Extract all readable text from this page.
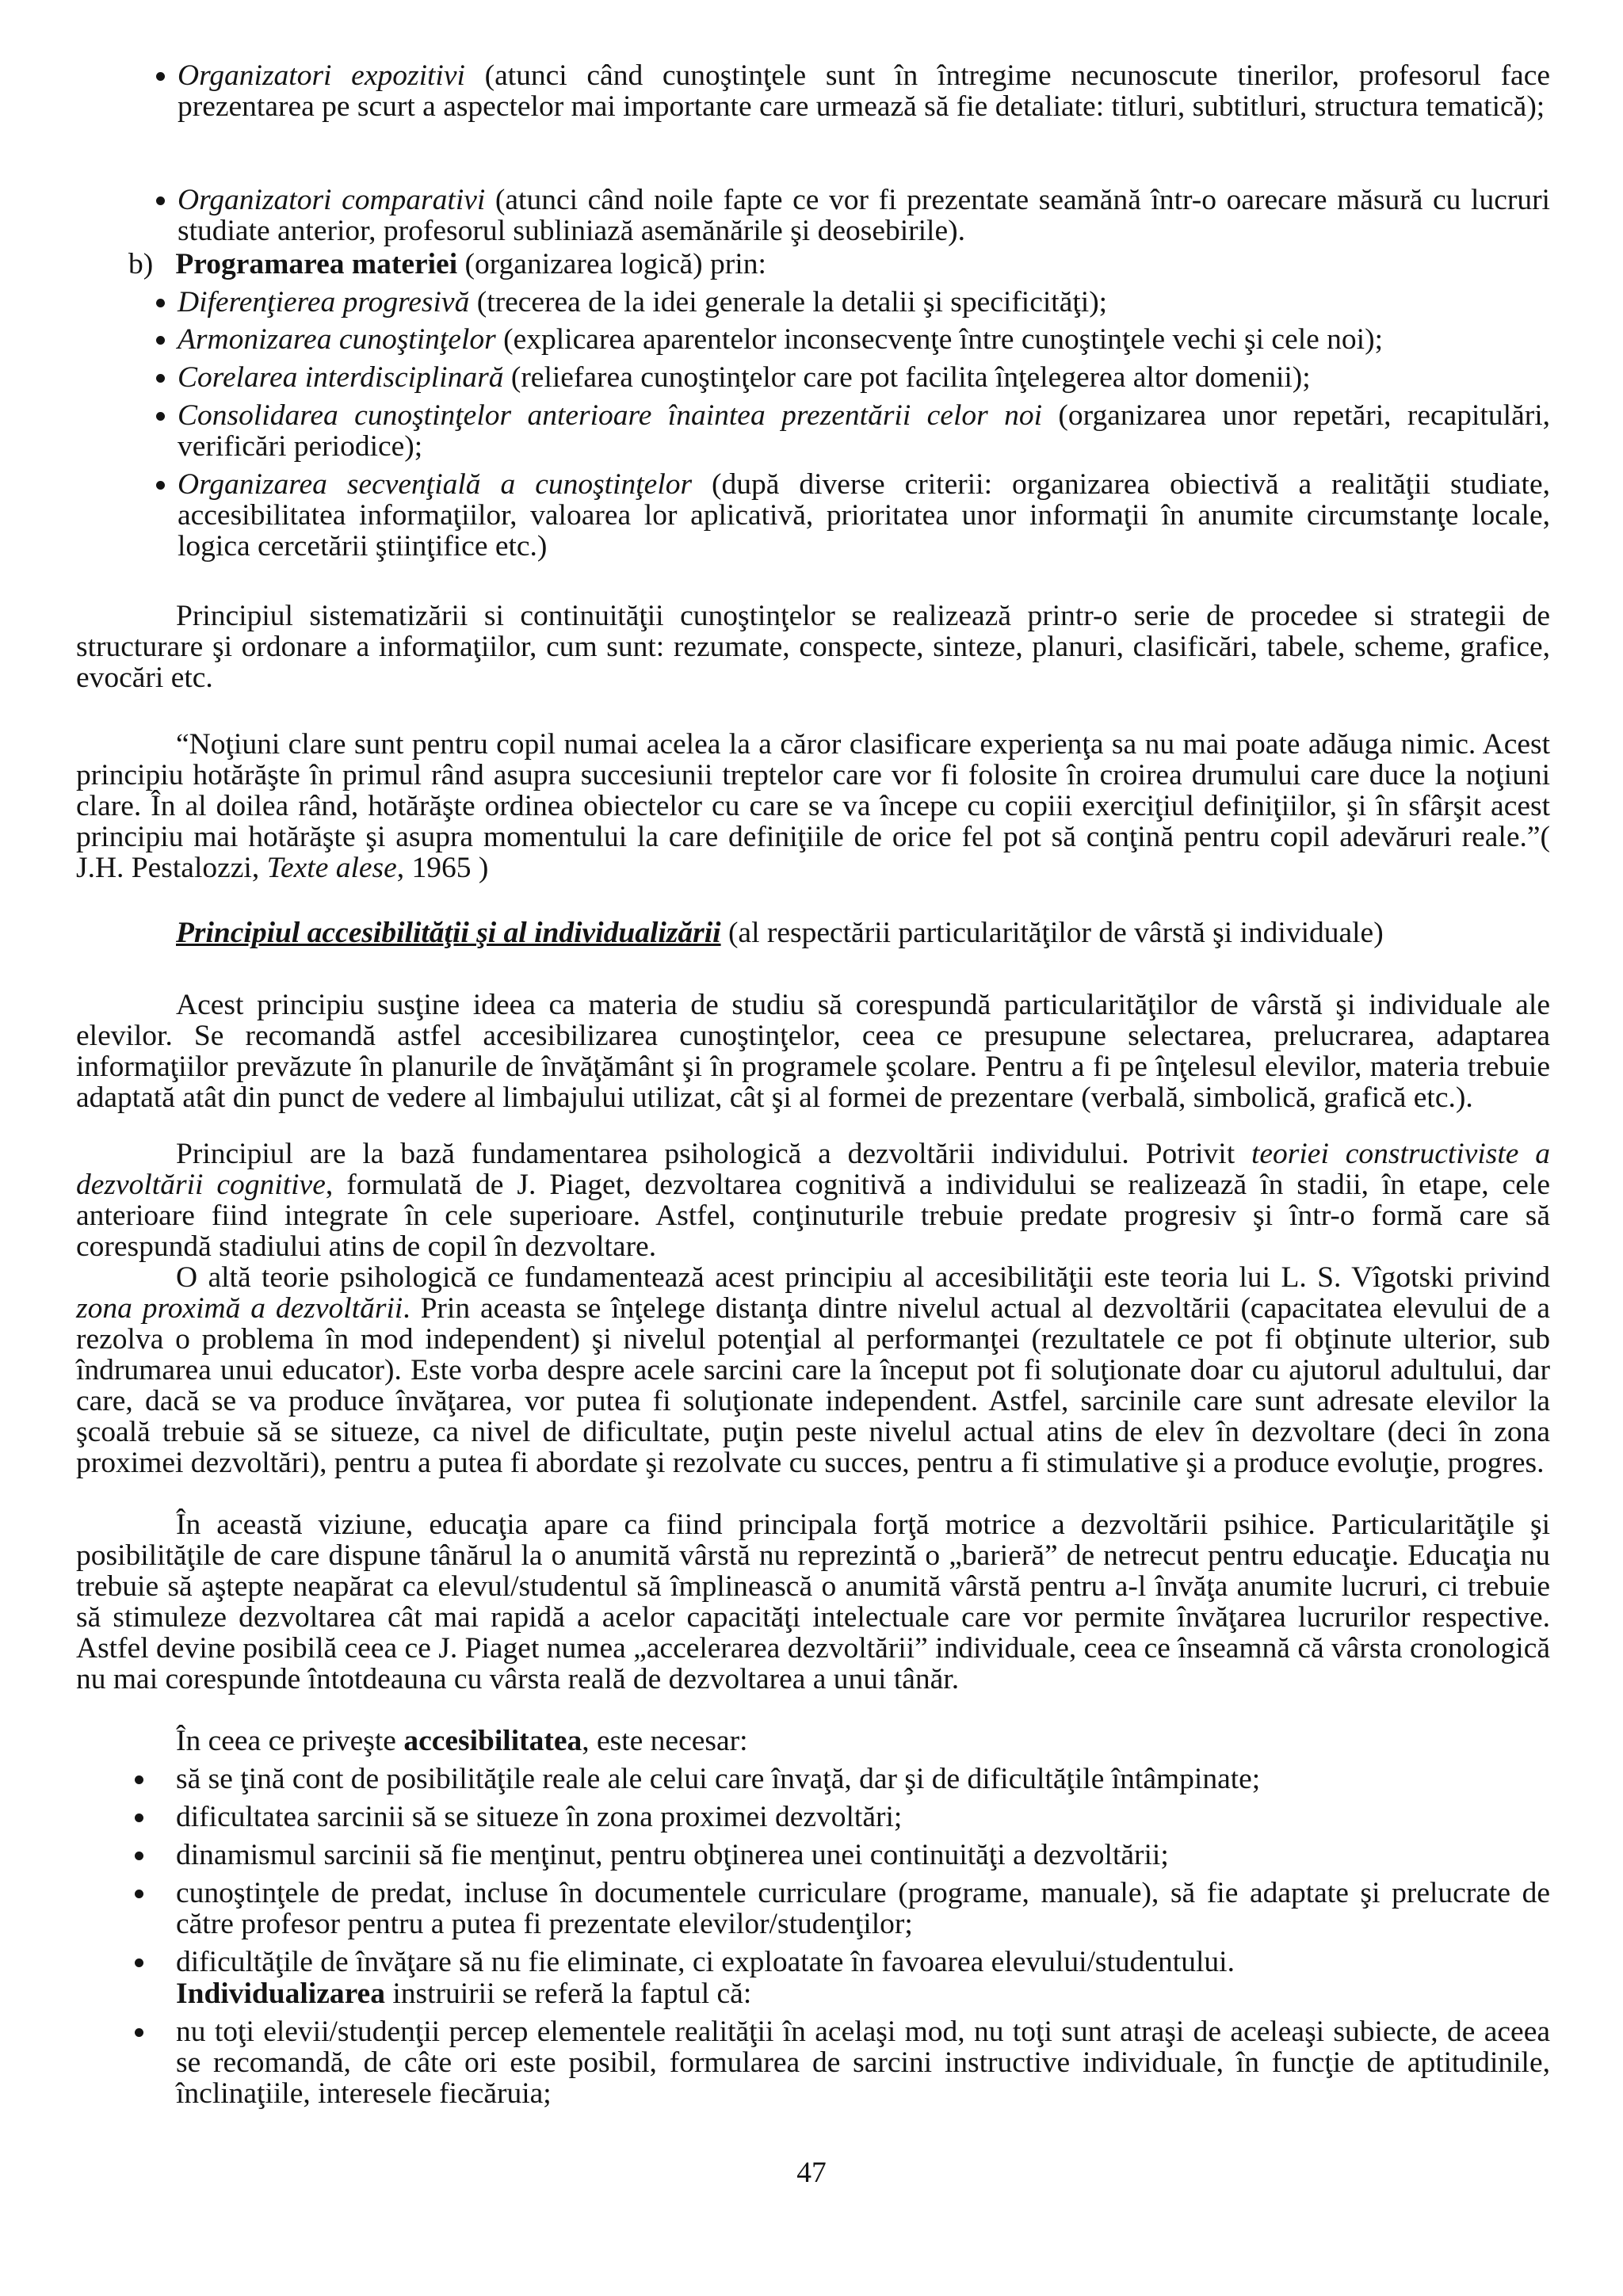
Organizatori expozitivi (atunci când cunoştinţele sunt în întregime necunoscute tinerilor, profesorul face prezentarea pe scurt a aspectelor mai importante care urmează să fie detaliate: titluri, subtitluri, structura tematică);
Organizatori comparativi (atunci când noile fapte ce vor fi prezentate seamănă într-o oarecare măsură cu lucruri studiate anterior, profesorul subliniază asemănările şi deosebirile).
b) Programarea materiei (organizarea logică) prin:
Diferenţierea progresivă (trecerea de la idei generale la detalii şi specificităţi);
Armonizarea cunoştinţelor (explicarea aparentelor inconsecvenţe între cunoştinţele vechi şi cele noi);
Corelarea interdisciplinară (reliefarea cunoştinţelor care pot facilita înţelegerea altor domenii);
Consolidarea cunoştinţelor anterioare înaintea prezentării celor noi (organizarea unor repetări, recapitulări, verificări periodice);
Organizarea secvenţială a cunoştinţelor (după diverse criterii: organizarea obiectivă a realităţii studiate, accesibilitatea informaţiilor, valoarea lor aplicativă, prioritatea unor informaţii în anumite circumstanţe locale, logica cercetării ştiinţifice etc.)
Principiul sistematizării si continuităţii cunoştinţelor se realizează printr-o serie de procedee si strategii de structurare şi ordonare a informaţiilor, cum sunt: rezumate, conspecte, sinteze, planuri, clasificări, tabele, scheme, grafice, evocări etc.
“Noţiuni clare sunt pentru copil numai acelea la a căror clasificare experienţa sa nu mai poate adăuga nimic. Acest principiu hotărăşte în primul rând asupra succesiunii treptelor care vor fi folosite în croirea drumului care duce la noţiuni clare. În al doilea rând, hotărăşte ordinea obiectelor cu care se va începe cu copiii exerciţiul definiţiilor, şi în sfârşit acest principiu mai hotărăşte şi asupra momentului la care definiţiile de orice fel pot să conţină pentru copil adevăruri reale.”( J.H. Pestalozzi, Texte alese, 1965 )
Principiul accesibilităţii şi al individualizării (al respectării particularităţilor de vârstă şi individuale)
Acest principiu susţine ideea ca materia de studiu să corespundă particularităţilor de vârstă şi individuale ale elevilor. Se recomandă astfel accesibilizarea cunoştinţelor, ceea ce presupune selectarea, prelucrarea, adaptarea informaţiilor prevăzute în planurile de învăţământ şi în programele şcolare. Pentru a fi pe înţelesul elevilor, materia trebuie adaptată atât din punct de vedere al limbajului utilizat, cât şi al formei de prezentare (verbală, simbolică, grafică etc.).
Principiul are la bază fundamentarea psihologică a dezvoltării individului. Potrivit teoriei constructiviste a dezvoltării cognitive, formulată de J. Piaget, dezvoltarea cognitivă a individului se realizează în stadii, în etape, cele anterioare fiind integrate în cele superioare. Astfel, conţinuturile trebuie predate progresiv şi într-o formă care să corespundă stadiului atins de copil în dezvoltare.
O altă teorie psihologică ce fundamentează acest principiu al accesibilităţii este teoria lui L. S. Vîgotski privind zona proximă a dezvoltării. Prin aceasta se înţelege distanţa dintre nivelul actual al dezvoltării (capacitatea elevului de a rezolva o problema în mod independent) şi nivelul potenţial al performanţei (rezultatele ce pot fi obţinute ulterior, sub îndrumarea unui educator). Este vorba despre acele sarcini care la început pot fi soluţionate doar cu ajutorul adultului, dar care, dacă se va produce învăţarea, vor putea fi soluţionate independent. Astfel, sarcinile care sunt adresate elevilor la şcoală trebuie să se situeze, ca nivel de dificultate, puţin peste nivelul actual atins de elev în dezvoltare (deci în zona proximei dezvoltări), pentru a putea fi abordate şi rezolvate cu succes, pentru a fi stimulative şi a produce evoluţie, progres.
În această viziune, educaţia apare ca fiind principala forţă motrice a dezvoltării psihice. Particularităţile şi posibilităţile de care dispune tânărul la o anumită vârstă nu reprezintă o „barieră” de netrecut pentru educaţie. Educaţia nu trebuie să aştepte neapărat ca elevul/studentul să împlinească o anumită vârstă pentru a-l învăţa anumite lucruri, ci trebuie să stimuleze dezvoltarea cât mai rapidă a acelor capacităţi intelectuale care vor permite învăţarea lucrurilor respective. Astfel devine posibilă ceea ce J. Piaget numea „accelerarea dezvoltării” individuale, ceea ce înseamnă că vârsta cronologică nu mai corespunde întotdeauna cu vârsta reală de dezvoltarea a unui tânăr.
În ceea ce priveşte accesibilitatea, este necesar:
să se ţină cont de posibilităţile reale ale celui care învaţă, dar şi de dificultăţile întâmpinate;
dificultatea sarcinii să se situeze în zona proximei dezvoltări;
dinamismul sarcinii să fie menţinut, pentru obţinerea unei continuităţi a dezvoltării;
cunoştinţele de predat, incluse în documentele curriculare (programe, manuale), să fie adaptate şi prelucrate de către profesor pentru a putea fi prezentate elevilor/studenţilor;
dificultăţile de învăţare să nu fie eliminate, ci exploatate în favoarea elevului/studentului.
Individualizarea instruirii se referă la faptul că:
nu toţi elevii/studenţii percep elementele realităţii în acelaşi mod, nu toţi sunt atraşi de aceleaşi subiecte, de aceea se recomandă, de câte ori este posibil, formularea de sarcini instructive individuale, în funcţie de aptitudinile, înclinaţiile, interesele fiecăruia;
47
